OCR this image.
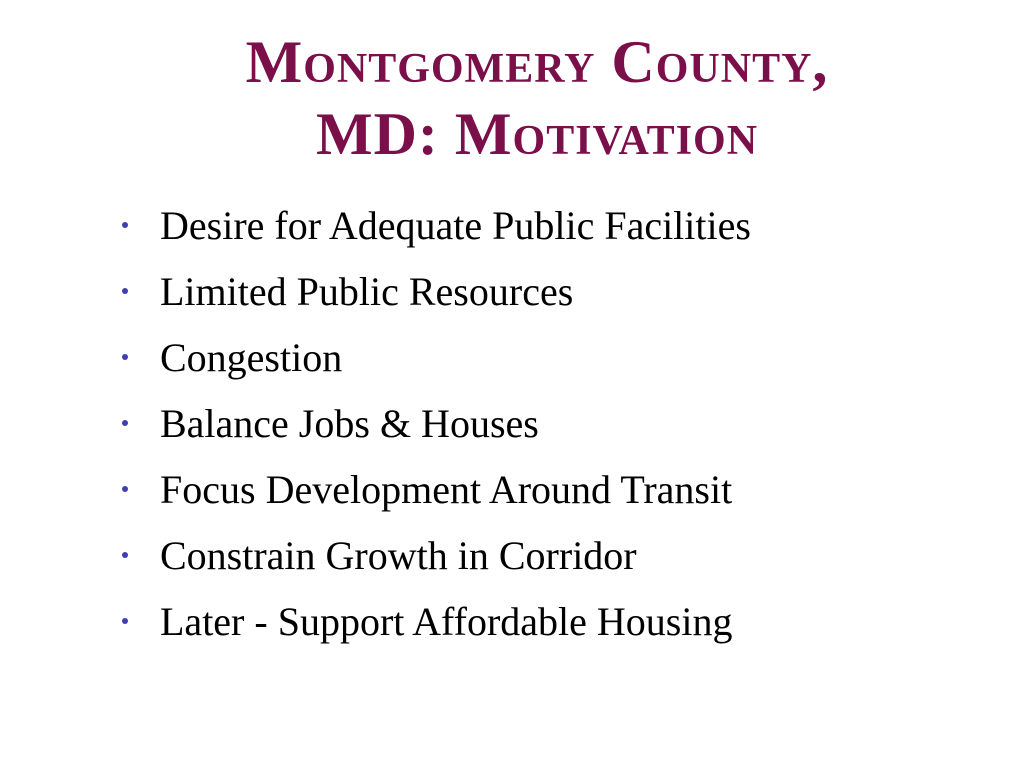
Montgomery County,
MD: Motivation
Desire for Adequate Public Facilities
Limited Public Resources
Congestion
Balance Jobs & Houses
Focus Development Around Transit
Constrain Growth in Corridor
Later - Support Affordable Housing
